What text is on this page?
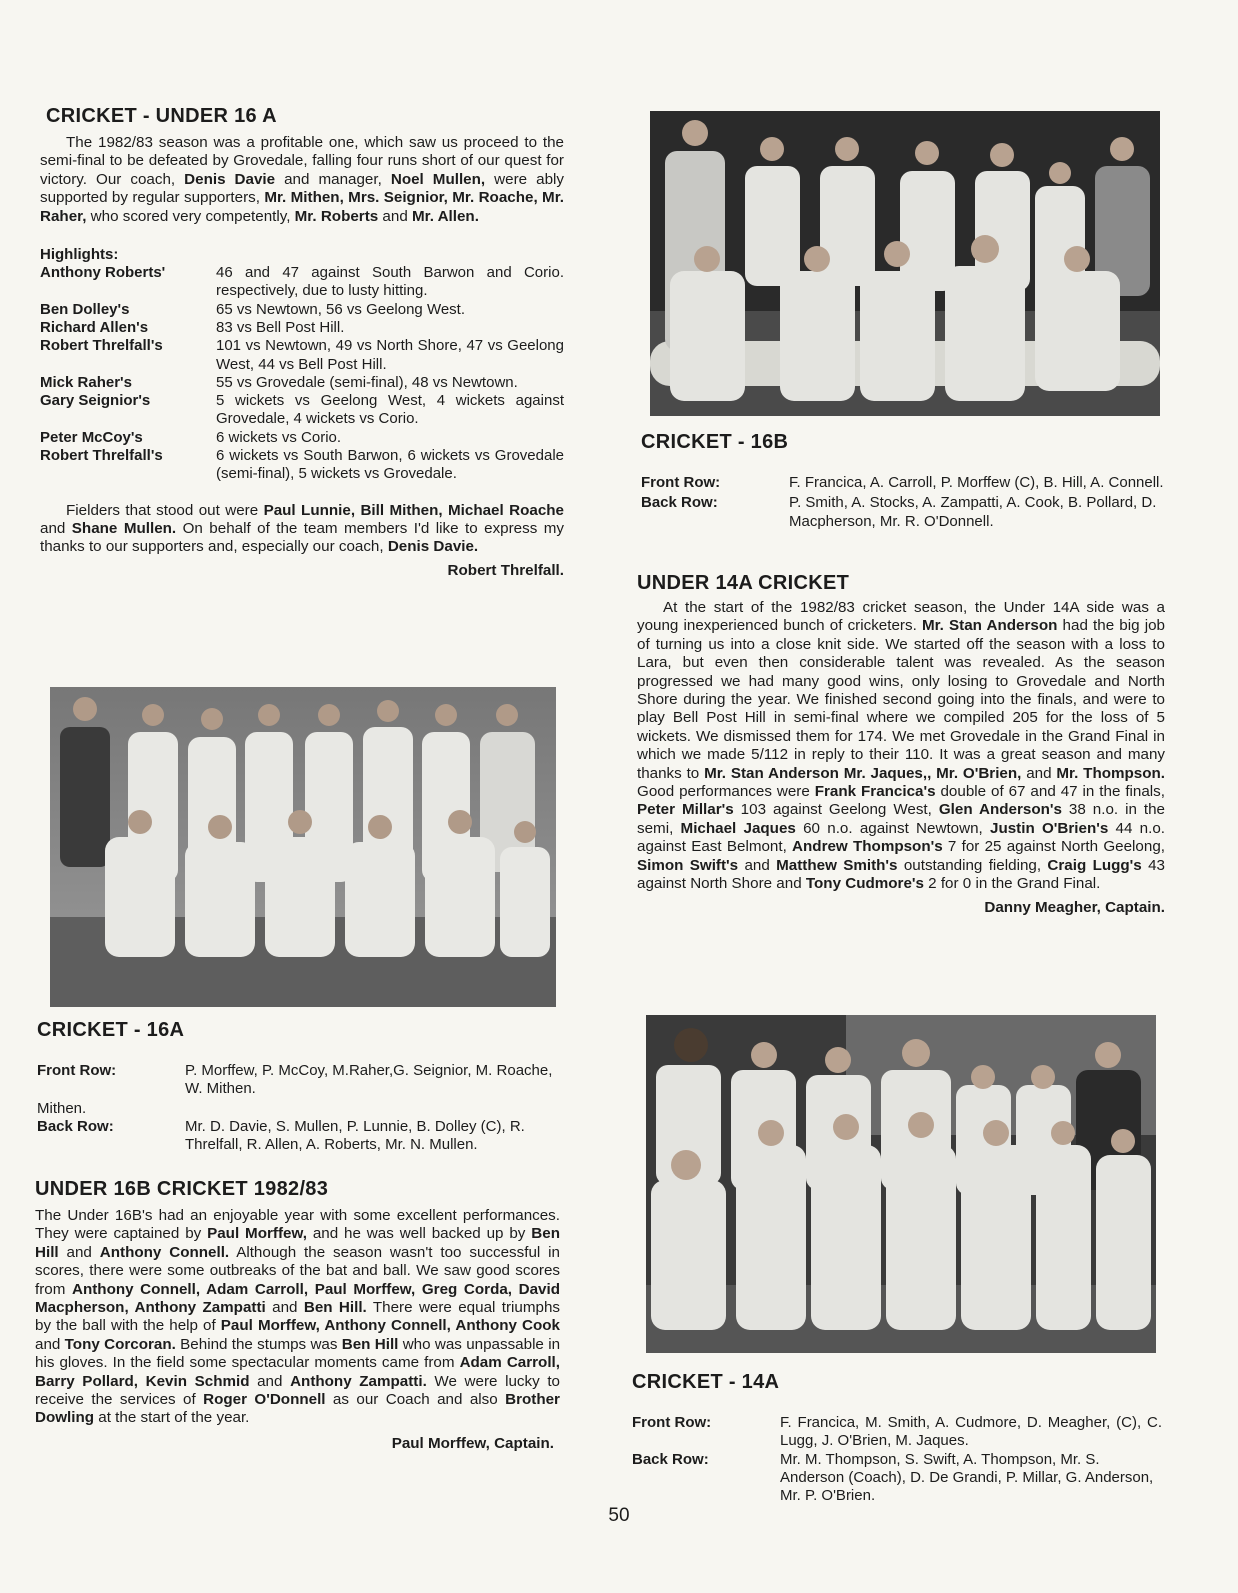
CRICKET - UNDER 16 A

The 1982/83 season was a profitable one, which saw us proceed to the semi-final to be defeated by Grovedale, falling four runs short of our quest for victory. Our coach, Denis Davie and manager, Noel Mullen, were ably supported by regular supporters, Mr. Mithen, Mrs. Seignior, Mr. Roache, Mr. Raher, who scored very competently, Mr. Roberts and Mr. Allen.

Highlights:
Anthony Roberts'	46 and 47 against South Barwon and Corio. respectively, due to lusty hitting.
Ben Dolley's	65 vs Newtown, 56 vs Geelong West.
Richard Allen's	83 vs Bell Post Hill.
Robert Threlfall's	101 vs Newtown, 49 vs North Shore, 47 vs Geelong West, 44 vs Bell Post Hill.
Mick Raher's	55 vs Grovedale (semi-final), 48 vs Newtown.
Gary Seignior's	5 wickets vs Geelong West, 4 wickets against Grovedale, 4 wickets vs Corio.
Peter McCoy's	6 wickets vs Corio.
Robert Threlfall's	6 wickets vs South Barwon, 6 wickets vs Grovedale (semi-final), 5 wickets vs Grovedale.

Fielders that stood out were Paul Lunnie, Bill Mithen, Michael Roache and Shane Mullen. On behalf of the team members I'd like to express my thanks to our supporters and, especially our coach, Denis Davie.

Robert Threlfall.
CRICKET - 16A
Front Row:	P. Morffew, P. McCoy, M.Raher,G. Seignior, M. Roache, W. Mithen.
Mithen.
Back Row:	Mr. D. Davie, S. Mullen, P. Lunnie, B. Dolley (C), R. Threlfall, R. Allen, A. Roberts, Mr. N. Mullen.
UNDER 16B CRICKET 1982/83

The Under 16B's had an enjoyable year with some excellent performances. They were captained by Paul Morffew, and he was well backed up by Ben Hill and Anthony Connell. Although the season wasn't too successful in scores, there were some outbreaks of the bat and ball. We saw good scores from Anthony Connell, Adam Carroll, Paul Morffew, Greg Corda, David Macpherson, Anthony Zampatti and Ben Hill. There were equal triumphs by the ball with the help of Paul Morffew, Anthony Connell, Anthony Cook and Tony Corcoran. Behind the stumps was Ben Hill who was unpassable in his gloves. In the field some spectacular moments came from Adam Carroll, Barry Pollard, Kevin Schmid and Anthony Zampatti. We were lucky to receive the services of Roger O'Donnell as our Coach and also Brother Dowling at the start of the year.

Paul Morffew, Captain.
CRICKET - 16B
Front Row:	F. Francica, A. Carroll, P. Morffew (C), B. Hill, A. Connell.
Back Row:	P. Smith, A. Stocks, A. Zampatti, A. Cook, B. Pollard, D. Macpherson, Mr. R. O'Donnell.
UNDER 14A CRICKET

At the start of the 1982/83 cricket season, the Under 14A side was a young inexperienced bunch of cricketers. Mr. Stan Anderson had the big job of turning us into a close knit side. We started off the season with a loss to Lara, but even then considerable talent was revealed. As the season progressed we had many good wins, only losing to Grovedale and North Shore during the year. We finished second going into the finals, and were to play Bell Post Hill in semi-final where we compiled 205 for the loss of 5 wickets. We dismissed them for 174. We met Grovedale in the Grand Final in which we made 5/112 in reply to their 110. It was a great season and many thanks to Mr. Stan Anderson Mr. Jaques,, Mr. O'Brien, and Mr. Thompson. Good performances were Frank Francica's double of 67 and 47 in the finals, Peter Millar's 103 against Geelong West, Glen Anderson's 38 n.o. in the semi, Michael Jaques 60 n.o. against Newtown, Justin O'Brien's 44 n.o. against East Belmont, Andrew Thompson's 7 for 25 against North Geelong, Simon Swift's and Matthew Smith's outstanding fielding, Craig Lugg's 43 against North Shore and Tony Cudmore's 2 for 0 in the Grand Final.

Danny Meagher, Captain.
CRICKET - 14A
Front Row:	F. Francica, M. Smith, A. Cudmore, D. Meagher, (C), C. Lugg, J. O'Brien, M. Jaques.
Back Row:	Mr. M. Thompson, S. Swift, A. Thompson, Mr. S. Anderson (Coach), D. De Grandi, P. Millar, G. Anderson, Mr. P. O'Brien.
50
